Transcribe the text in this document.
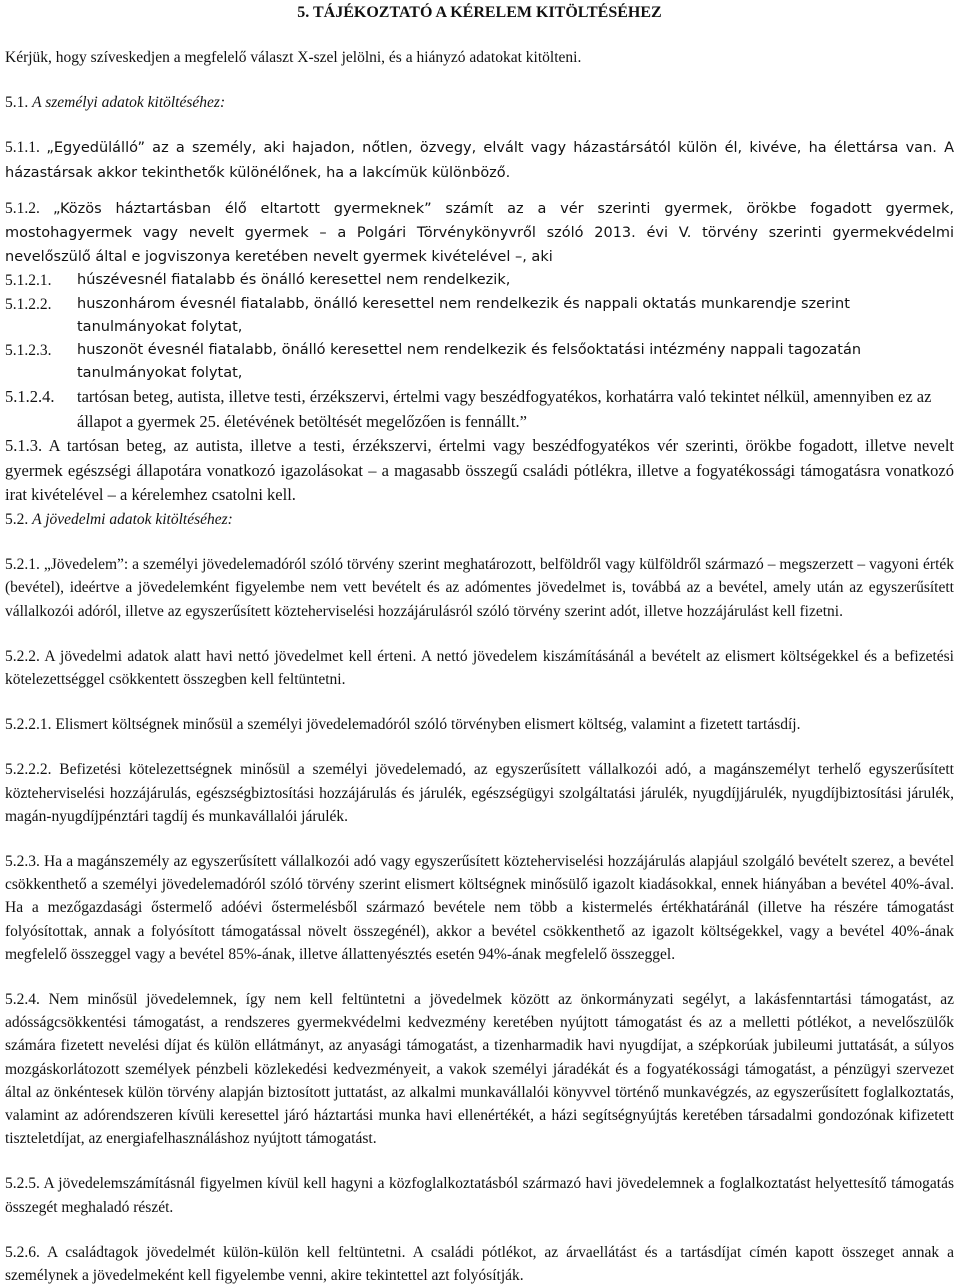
5. TÁJÉKOZTATÓ A KÉRELEM KITÖLTÉSÉHEZ

Kérjük, hogy szíveskedjen a megfelelő választ X-szel jelölni, és a hiányzó adatokat kitölteni.

5.1. A személyi adatok kitöltéséhez:

5.1.1. „Egyedülálló” az a személy, aki hajadon, nőtlen, özvegy, elvált vagy házastársától külön él, kivéve, ha élettársa van. A házastársak akkor tekinthetők különélőnek, ha a lakcímük különböző.

5.1.2. „Közös háztartásban élő eltartott gyermeknek” számít az a vér szerinti gyermek, örökbe fogadott gyermek, mostohagyermek vagy nevelt gyermek – a Polgári Törvénykönyvről szóló 2013. évi V. törvény szerinti gyermekvédelmi nevelőszülő által e jogviszonya keretében nevelt gyermek kivételével –, aki

5.1.2.1.	húszévesnél fiatalabb és önálló keresettel nem rendelkezik,
5.1.2.2.	huszonhárom évesnél fiatalabb, önálló keresettel nem rendelkezik és nappali oktatás munkarendje szerint tanulmányokat folytat,
5.1.2.3.	huszonöt évesnél fiatalabb, önálló keresettel nem rendelkezik és felsőoktatási intézmény nappali tagozatán tanulmányokat folytat,
5.1.2.4.	tartósan beteg, autista, illetve testi, érzékszervi, értelmi vagy beszédfogyatékos, korhatárra való tekintet nélkül, amennyiben ez az állapot a gyermek 25. életévének betöltését megelőzően is fennállt.”

5.1.3. A tartósan beteg, az autista, illetve a testi, érzékszervi, értelmi vagy beszédfogyatékos vér szerinti, örökbe fogadott, illetve nevelt gyermek egészségi állapotára vonatkozó igazolásokat – a magasabb összegű családi pótlékra, illetve a fogyatékossági támogatásra vonatkozó irat kivételével – a kérelemhez csatolni kell.

5.2. A jövedelmi adatok kitöltéséhez:

5.2.1. „Jövedelem”: a személyi jövedelemadóról szóló törvény szerint meghatározott, belföldről vagy külföldről származó – megszerzett – vagyoni érték (bevétel), ideértve a jövedelemként figyelembe nem vett bevételt és az adómentes jövedelmet is, továbbá az a bevétel, amely után az egyszerűsített vállalkozói adóról, illetve az egyszerűsített közteherviselési hozzájárulásról szóló törvény szerint adót, illetve hozzájárulást kell fizetni.

5.2.2. A jövedelmi adatok alatt havi nettó jövedelmet kell érteni. A nettó jövedelem kiszámításánál a bevételt az elismert költségekkel és a befizetési kötelezettséggel csökkentett összegben kell feltüntetni.

5.2.2.1. Elismert költségnek minősül a személyi jövedelemadóról szóló törvényben elismert költség, valamint a fizetett tartásdíj.

5.2.2.2. Befizetési kötelezettségnek minősül a személyi jövedelemadó, az egyszerűsített vállalkozói adó, a magánszemélyt terhelő egyszerűsített közteherviselési hozzájárulás, egészségbiztosítási hozzájárulás és járulék, egészségügyi szolgáltatási járulék, nyugdíjjárulék, nyugdíjbiztosítási járulék, magán-nyugdíjpénztári tagdíj és munkavállalói járulék.

5.2.3. Ha a magánszemély az egyszerűsített vállalkozói adó vagy egyszerűsített közteherviselési hozzájárulás alapjául szolgáló bevételt szerez, a bevétel csökkenthető a személyi jövedelemadóról szóló törvény szerint elismert költségnek minősülő igazolt kiadásokkal, ennek hiányában a bevétel 40%-ával. Ha a mezőgazdasági őstermelő adóévi őstermelésből származó bevétele nem több a kistermelés értékhatáránál (illetve ha részére támogatást folyósítottak, annak a folyósított támogatással növelt összegénél), akkor a bevétel csökkenthető az igazolt költségekkel, vagy a bevétel 40%-ának megfelelő összeggel vagy a bevétel 85%-ának, illetve állattenyésztés esetén 94%-ának megfelelő összeggel.

5.2.4. Nem minősül jövedelemnek, így nem kell feltüntetni a jövedelmek között az önkormányzati segélyt, a lakásfenntartási támogatást, az adósságcsökkentési támogatást, a rendszeres gyermekvédelmi kedvezmény keretében nyújtott támogatást és az a melletti pótlékot, a nevelőszülők számára fizetett nevelési díjat és külön ellátmányt, az anyasági támogatást, a tizenharmadik havi nyugdíjat, a szépkorúak jubileumi juttatását, a súlyos mozgáskorlátozott személyek pénzbeli közlekedési kedvezményeit, a vakok személyi járadékát és a fogyatékossági támogatást, a pénzügyi szervezet által az önkéntesek külön törvény alapján biztosított juttatást, az alkalmi munkavállalói könyvvel történő munkavégzés, az egyszerűsített foglalkoztatás, valamint az adórendszeren kívüli keresettel járó háztartási munka havi ellenértékét, a házi segítségnyújtás keretében társadalmi gondozónak kifizetett tiszteletdíjat, az energiafelhasználáshoz nyújtott támogatást.

5.2.5. A jövedelemszámításnál figyelmen kívül kell hagyni a közfoglalkoztatásból származó havi jövedelemnek a foglalkoztatást helyettesítő támogatás összegét meghaladó részét.

5.2.6. A családtagok jövedelmét külön-külön kell feltüntetni. A családi pótlékot, az árvaellátást és a tartásdíjat címén kapott összeget annak a személynek a jövedelmeként kell figyelembe venni, akire tekintettel azt folyósítják.
